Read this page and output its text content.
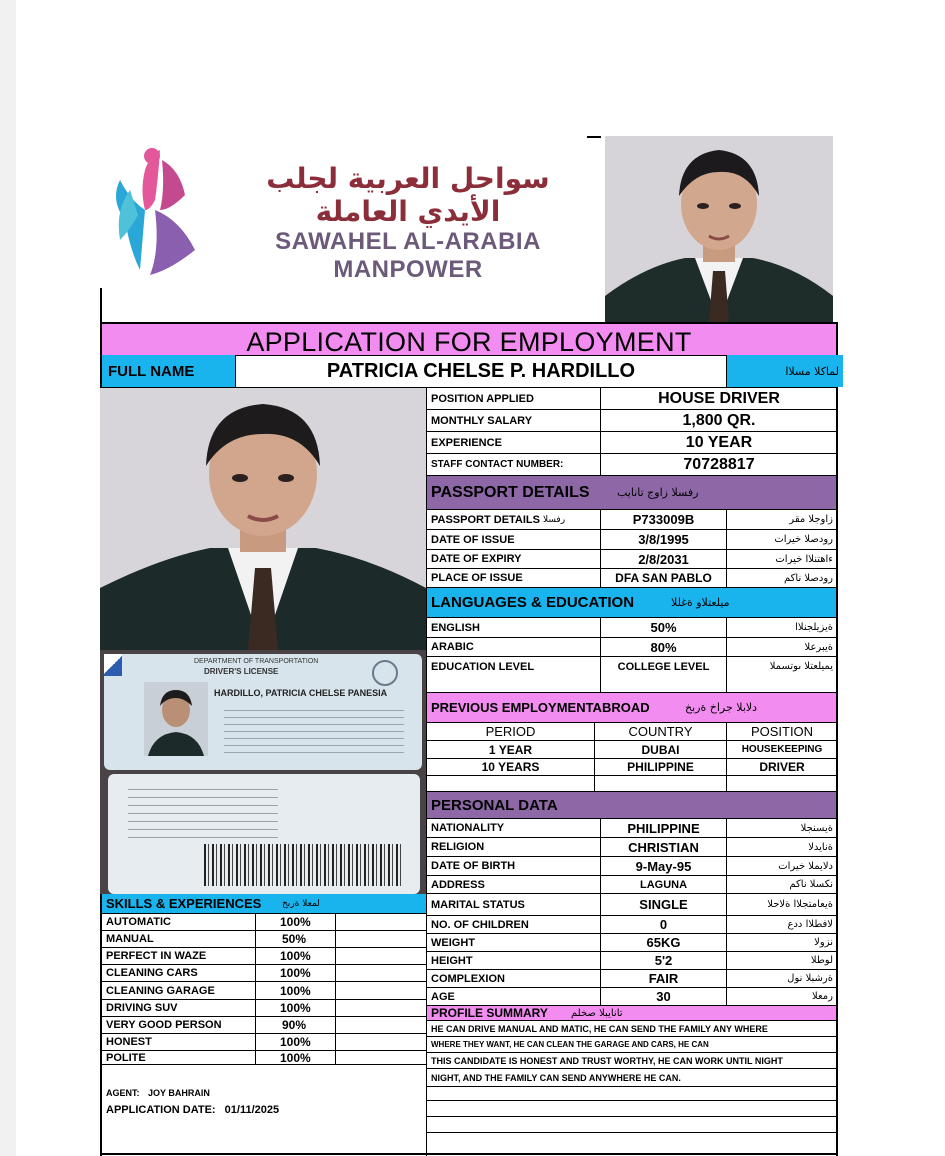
سواحل العربية لجلب الأيدي العاملة
SAWAHEL AL-ARABIA MANPOWER
APPLICATION FOR EMPLOYMENT
FULL NAME	PATRICIA CHELSE P. HARDILLO	لماكلا مسلاا
DEPARTMENT OF TRANSPORTATION
DRIVER'S LICENSE
HARDILLO, PATRICIA CHELSE PANESIA
POSITION APPLIED	HOUSE DRIVER
MONTHLY SALARY	1,800 QR.
EXPERIENCE	10 YEAR
STAFF CONTACT NUMBER:	70728817
PASSPORT DETAILS	رفسلا زاوج تانايب
PASSPORT DETAILS رفسلا	P733009B	زاوجلا مقر
DATE OF ISSUE	3/8/1995	رودصلا خيرات
DATE OF EXPIRY	2/8/2031	ءاهتنلاا خيرات
PLACE OF ISSUE	DFA SAN PABLO	رودصلا ناكم
LANGUAGES & EDUCATION	ميلعتلاو ةغللا
ENGLISH	50%	ةيزيلجنلاا
ARABIC	80%	ةيبرعلا
EDUCATION LEVEL	COLLEGE LEVEL	يميلعتلا ىوتسملا
PREVIOUS EMPLOYMENTABROAD	دلابلا جراخ ةربخ
PERIOD	COUNTRY	POSITION
1 YEAR	DUBAI	HOUSEKEEPING
10 YEARS	PHILIPPINE	DRIVER
PERSONAL DATA
NATIONALITY	PHILIPPINE	ةيسنجلا
RELIGION	CHRISTIAN	ةنايدلا
DATE OF BIRTH	9-May-95	دلايملا خيرات
ADDRESS	LAGUNA	نكسلا ناكم
MARITAL STATUS	SINGLE	ةيعامتجلاا ةلاحلا
NO. OF CHILDREN	0	لافطلاا ددع
WEIGHT	65KG	نزولا
HEIGHT	5'2	لوطلا
COMPLEXION	FAIR	ةرشبلا نول
AGE	30	رمعلا
PROFILE SUMMARY	تانايبلا صخلم
HE CAN DRIVE MANUAL AND MATIC, HE CAN SEND THE FAMILY ANY WHERE
WHERE THEY WANT, HE CAN CLEAN THE GARAGE AND CARS, HE CAN
THIS CANDIDATE IS HONEST AND TRUST WORTHY, HE CAN WORK UNTIL NIGHT
NIGHT, AND THE FAMILY CAN SEND ANYWHERE HE CAN.
SKILLS & EXPERIENCES	لمعلا ةربخ
AUTOMATIC	100%
MANUAL	50%
PERFECT IN WAZE	100%
CLEANING CARS	100%
CLEANING GARAGE	100%
DRIVING SUV	100%
VERY GOOD PERSON	90%
HONEST	100%
POLITE	100%
AGENT: JOY BAHRAIN
APPLICATION DATE: 01/11/2025
